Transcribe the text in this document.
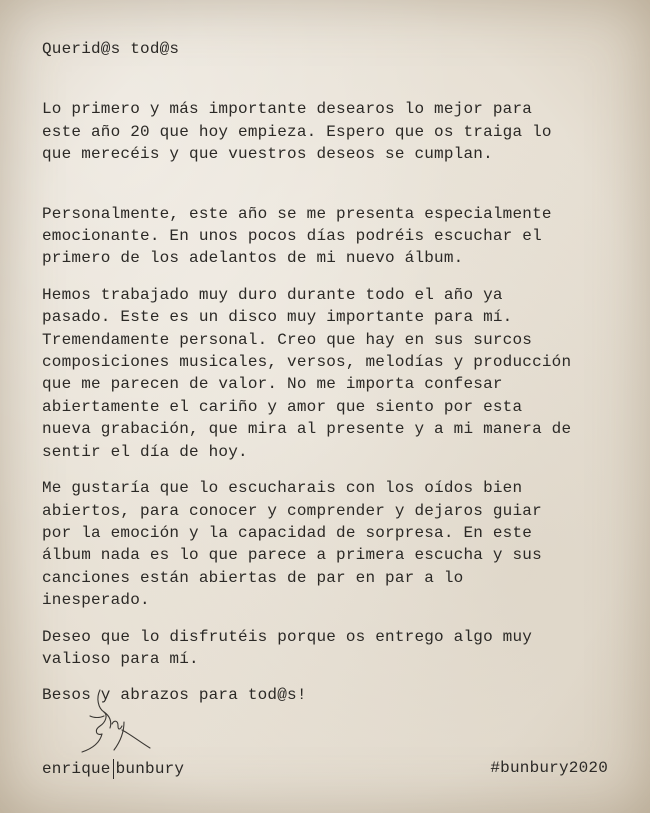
Querid@s tod@s

Lo primero y más importante desearos lo mejor para
este año 20 que hoy empieza. Espero que os traiga lo
que merecéis y que vuestros deseos se cumplan.

Personalmente, este año se me presenta especialmente
emocionante. En unos pocos días podréis escuchar el
primero de los adelantos de mi nuevo álbum.

Hemos trabajado muy duro durante todo el año ya
pasado. Este es un disco muy importante para mí.
Tremendamente personal. Creo que hay en sus surcos
composiciones musicales, versos, melodías y producción
que me parecen de valor. No me importa confesar
abiertamente el cariño y amor que siento por esta
nueva grabación, que mira al presente y a mi manera de
sentir el día de hoy.

Me gustaría que lo escucharais con los oídos bien
abiertos, para conocer y comprender y dejaros guiar
por la emoción y la capacidad de sorpresa. En este
álbum nada es lo que parece a primera escucha y sus
canciones están abiertas de par en par a lo
inesperado.

Deseo que lo disfrutéis porque os entrego algo muy
valioso para mí.

Besos y abrazos para tod@s!

enrique bunbury	#bunbury2020
